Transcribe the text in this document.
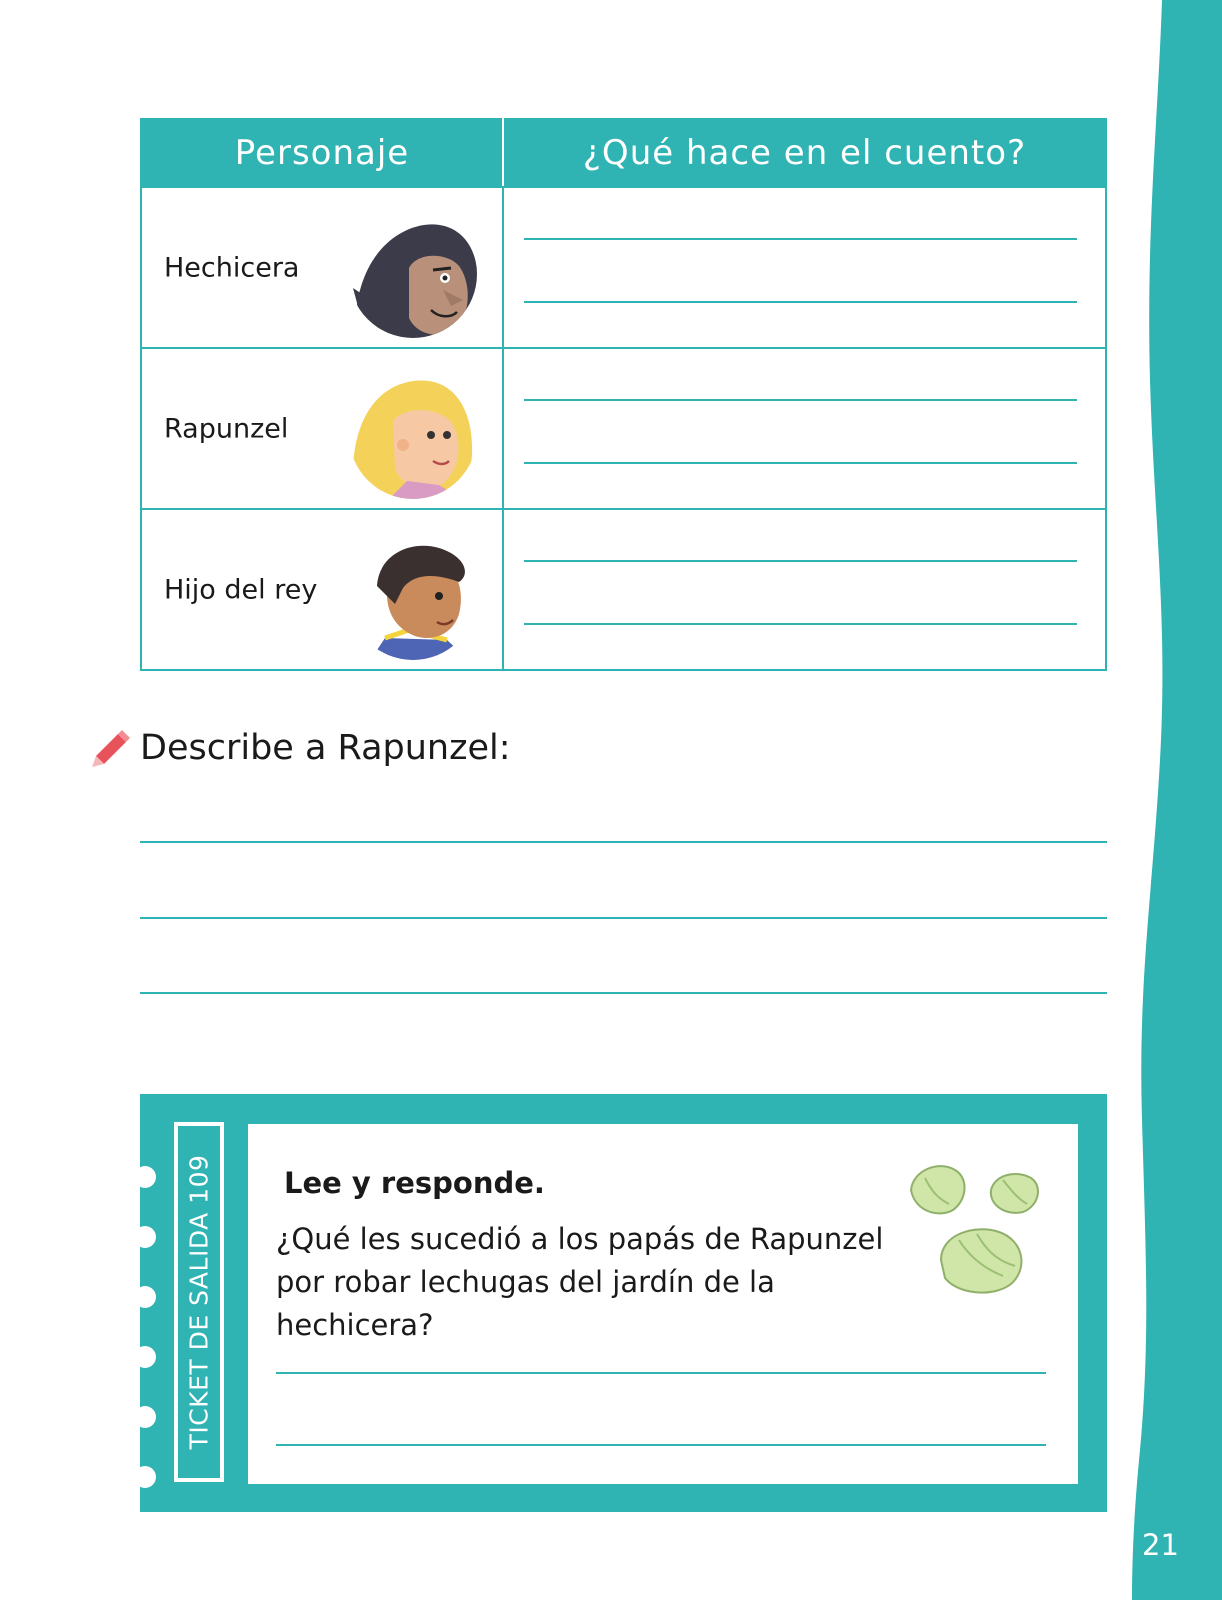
Personaje	¿Qué hace en el cuento?

Hechicera	

Rapunzel	

Hijo del rey	

Describe a Rapunzel:
TICKET DE SALIDA 109 Lee y responde.
¿Qué les sucedió a los papás de Rapunzel por robar lechugas del jardín de la hechicera?
21
